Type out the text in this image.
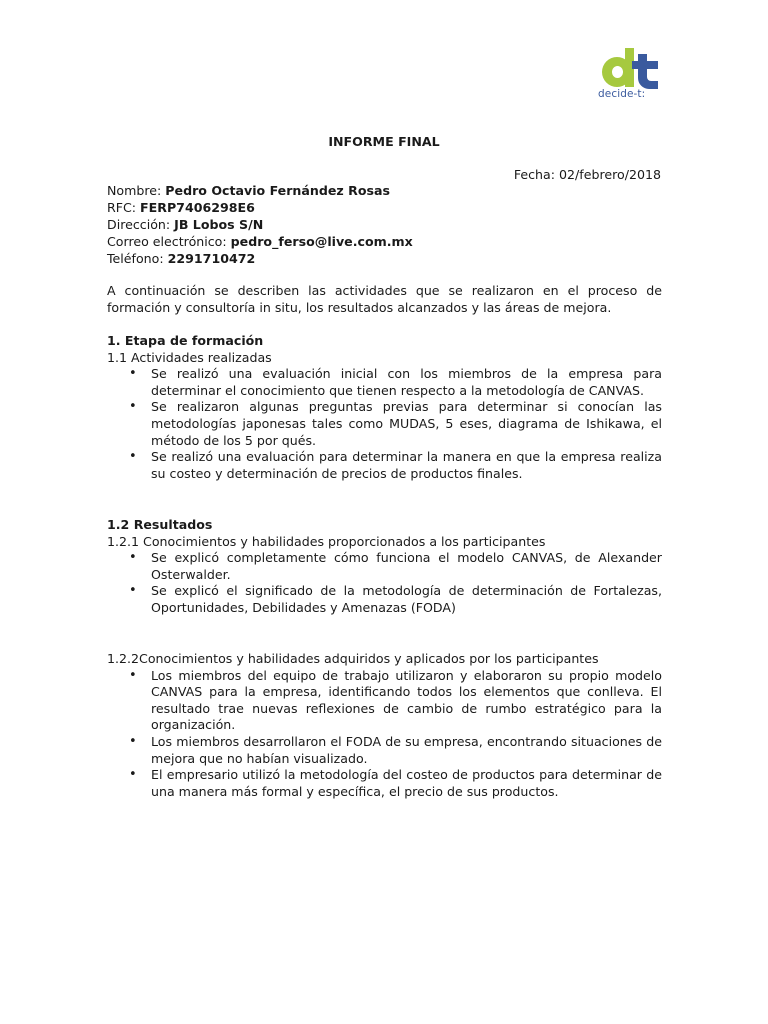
decide-t:
INFORME FINAL
Fecha: 02/febrero/2018
Nombre: Pedro Octavio Fernández Rosas
RFC: FERP7406298E6
Dirección: JB Lobos S/N
Correo electrónico: pedro_ferso@live.com.mx
Teléfono: 2291710472
A continuación se describen las actividades que se realizaron en el proceso de formación y consultoría in situ, los resultados alcanzados y las áreas de mejora.
1. Etapa de formación
1.1 Actividades realizadas
• Se realizó una evaluación inicial con los miembros de la empresa para determinar el conocimiento que tienen respecto a la metodología de CANVAS.
• Se realizaron algunas preguntas previas para determinar si conocían las metodologías japonesas tales como MUDAS, 5 eses, diagrama de Ishikawa, el método de los 5 por qués.
• Se realizó una evaluación para determinar la manera en que la empresa realiza su costeo y determinación de precios de productos finales.
1.2 Resultados
1.2.1 Conocimientos y habilidades proporcionados a los participantes
• Se explicó completamente cómo funciona el modelo CANVAS, de Alexander Osterwalder.
• Se explicó el significado de la metodología de determinación de Fortalezas, Oportunidades, Debilidades y Amenazas (FODA)
1.2.2Conocimientos y habilidades adquiridos y aplicados por los participantes
• Los miembros del equipo de trabajo utilizaron y elaboraron su propio modelo CANVAS para la empresa, identificando todos los elementos que conlleva. El resultado trae nuevas reflexiones de cambio de rumbo estratégico para la organización.
• Los miembros desarrollaron el FODA de su empresa, encontrando situaciones de mejora que no habían visualizado.
• El empresario utilizó la metodología del costeo de productos para determinar de una manera más formal y específica, el precio de sus productos.
